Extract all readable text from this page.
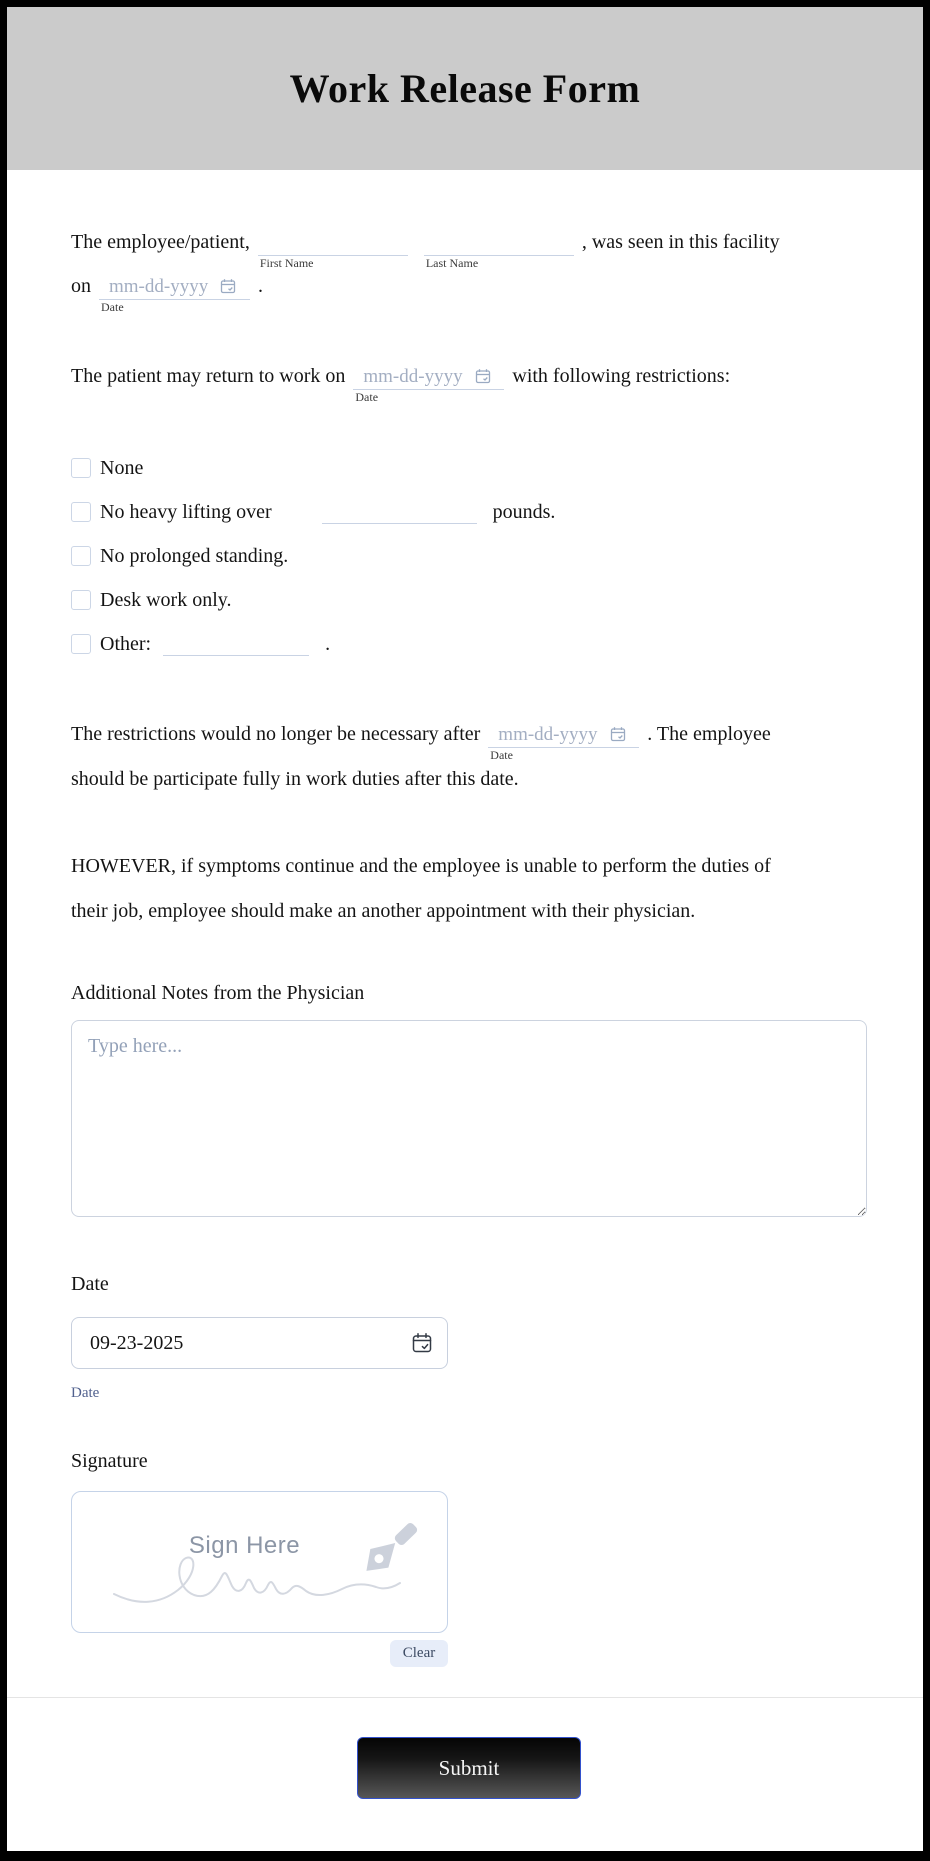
Work Release Form
The employee/patient,
First Name	Last Name
, was seen in this facility
on mm-dd-yyyy
Date
.
The patient may return to work on mm-dd-yyyy
Date
with following restrictions:
None
No heavy lifting over	pounds.
No prolonged standing.
Desk work only.
Other:	.
The restrictions would no longer be necessary after mm-dd-yyyy
Date
. The employee
should be participate fully in work duties after this date.
HOWEVER, if symptoms continue and the employee is unable to perform the duties of
their job, employee should make an another appointment with their physician.
Additional Notes from the Physician
Type here...
Date
09-23-2025
Date
Signature
Sign Here
Clear
Submit
